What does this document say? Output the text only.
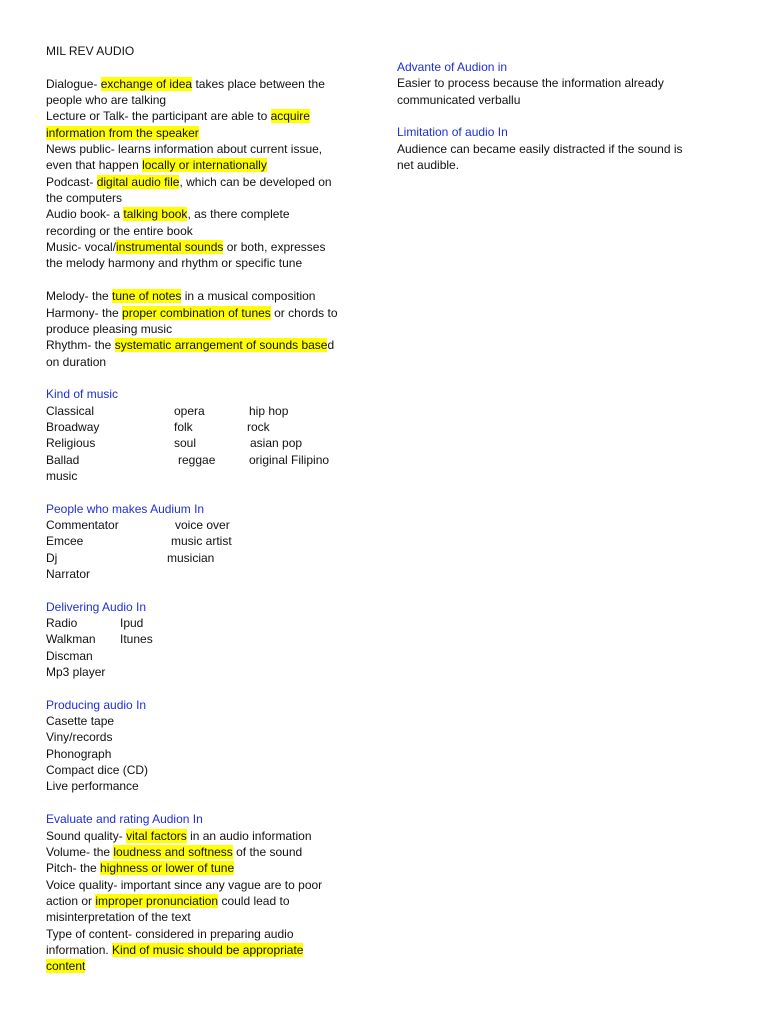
MIL REV AUDIO
Dialogue- exchange of idea takes place between the
people who are talking
Lecture or Talk- the participant are able to acquire
information from the speaker
News public- learns information about current issue,
even that happen locally or internationally
Podcast- digital audio file, which can be developed on
the computers
Audio book- a talking book, as there complete
recording or the entire book
Music- vocal/instrumental sounds or both, expresses
the melody harmony and rhythm or specific tune
Melody- the tune of notes in a musical composition
Harmony- the proper combination of tunes or chords to
produce pleasing music
Rhythm- the systematic arrangement of sounds based
on duration
Kind of music
Classical	opera	hip hop
Broadway	folk	rock
Religious	soul	asian pop
Ballad	reggae	original Filipino
music
People who makes Audium In
Commentator	voice over
Emcee	music artist
Dj	musician
Narrator
Delivering Audio In
Radio	Ipud
Walkman Itunes
Discman
Mp3 player
Producing audio In
Casette tape
Viny/records
Phonograph
Compact dice (CD)
Live performance
Evaluate and rating Audion In
Sound quality- vital factors in an audio information
Volume- the loudness and softness of the sound
Pitch- the highness or lower of tune
Voice quality- important since any vague are to poor
action or improper pronunciation could lead to
misinterpretation of the text
Type of content- considered in preparing audio
information. Kind of music should be appropriate
content
Advante of Audion in
Easier to process because the information already
communicated verballu
Limitation of audio In
Audience can became easily distracted if the sound is
net audible.
